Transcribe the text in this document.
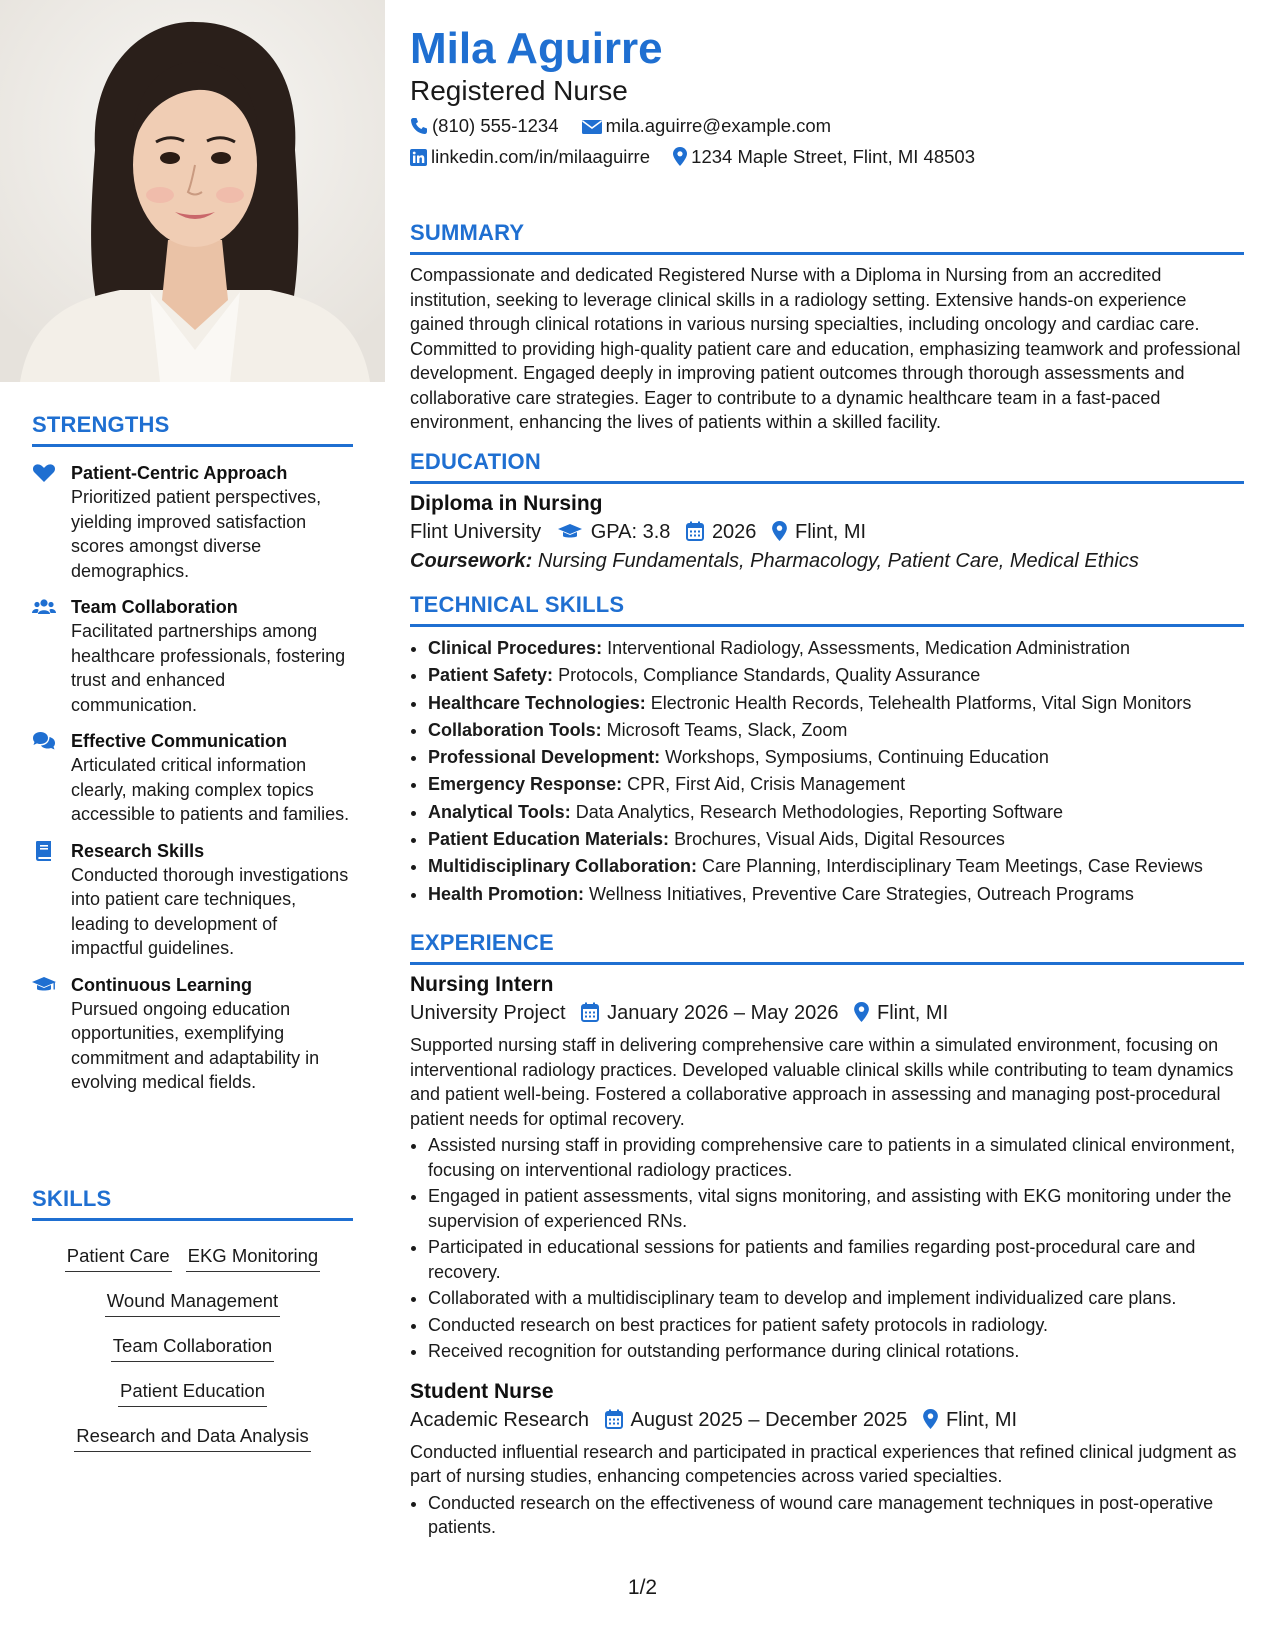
STRENGTHS
Patient-Centric Approach
Prioritized patient perspectives, yielding improved satisfaction scores amongst diverse demographics.
Team Collaboration
Facilitated partnerships among healthcare professionals, fostering trust and enhanced communication.
Effective Communication
Articulated critical information clearly, making complex topics accessible to patients and families.
Research Skills
Conducted thorough investigations into patient care techniques, leading to development of impactful guidelines.
Continuous Learning
Pursued ongoing education opportunities, exemplifying commitment and adaptability in evolving medical fields.
SKILLS
Patient Care EKG Monitoring
Wound Management
Team Collaboration
Patient Education
Research and Data Analysis
Mila Aguirre
Registered Nurse
(810) 555-1234	mila.aguirre@example.com
linkedin.com/in/milaaguirre 1234 Maple Street, Flint, MI 48503
SUMMARY
Compassionate and dedicated Registered Nurse with a Diploma in Nursing from an accredited institution, seeking to leverage clinical skills in a radiology setting. Extensive hands-on experience gained through clinical rotations in various nursing specialties, including oncology and cardiac care. Committed to providing high-quality patient care and education, emphasizing teamwork and professional development. Engaged deeply in improving patient outcomes through thorough assessments and collaborative care strategies. Eager to contribute to a dynamic healthcare team in a fast-paced environment, enhancing the lives of patients within a skilled facility.
EDUCATION
Diploma in Nursing
Flint University GPA: 3.8 2026 Flint, MI
Coursework: Nursing Fundamentals, Pharmacology, Patient Care, Medical Ethics
TECHNICAL SKILLS
• Clinical Procedures: Interventional Radiology, Assessments, Medication Administration
• Patient Safety: Protocols, Compliance Standards, Quality Assurance
• Healthcare Technologies: Electronic Health Records, Telehealth Platforms, Vital Sign Monitors
• Collaboration Tools: Microsoft Teams, Slack, Zoom
• Professional Development: Workshops, Symposiums, Continuing Education
• Emergency Response: CPR, First Aid, Crisis Management
• Analytical Tools: Data Analytics, Research Methodologies, Reporting Software
• Patient Education Materials: Brochures, Visual Aids, Digital Resources
• Multidisciplinary Collaboration: Care Planning, Interdisciplinary Team Meetings, Case Reviews
• Health Promotion: Wellness Initiatives, Preventive Care Strategies, Outreach Programs
EXPERIENCE
Nursing Intern
University Project January 2026 – May 2026 Flint, MI
Supported nursing staff in delivering comprehensive care within a simulated environment, focusing on interventional radiology practices. Developed valuable clinical skills while contributing to team dynamics and patient well-being. Fostered a collaborative approach in assessing and managing post-procedural patient needs for optimal recovery.
• Assisted nursing staff in providing comprehensive care to patients in a simulated clinical environment, focusing on interventional radiology practices.
• Engaged in patient assessments, vital signs monitoring, and assisting with EKG monitoring under the supervision of experienced RNs.
• Participated in educational sessions for patients and families regarding post-procedural care and recovery.
• Collaborated with a multidisciplinary team to develop and implement individualized care plans.
• Conducted research on best practices for patient safety protocols in radiology.
• Received recognition for outstanding performance during clinical rotations.
Student Nurse
Academic Research August 2025 – December 2025 Flint, MI
Conducted influential research and participated in practical experiences that refined clinical judgment as part of nursing studies, enhancing competencies across varied specialties.
• Conducted research on the effectiveness of wound care management techniques in post-operative patients.
1/2
